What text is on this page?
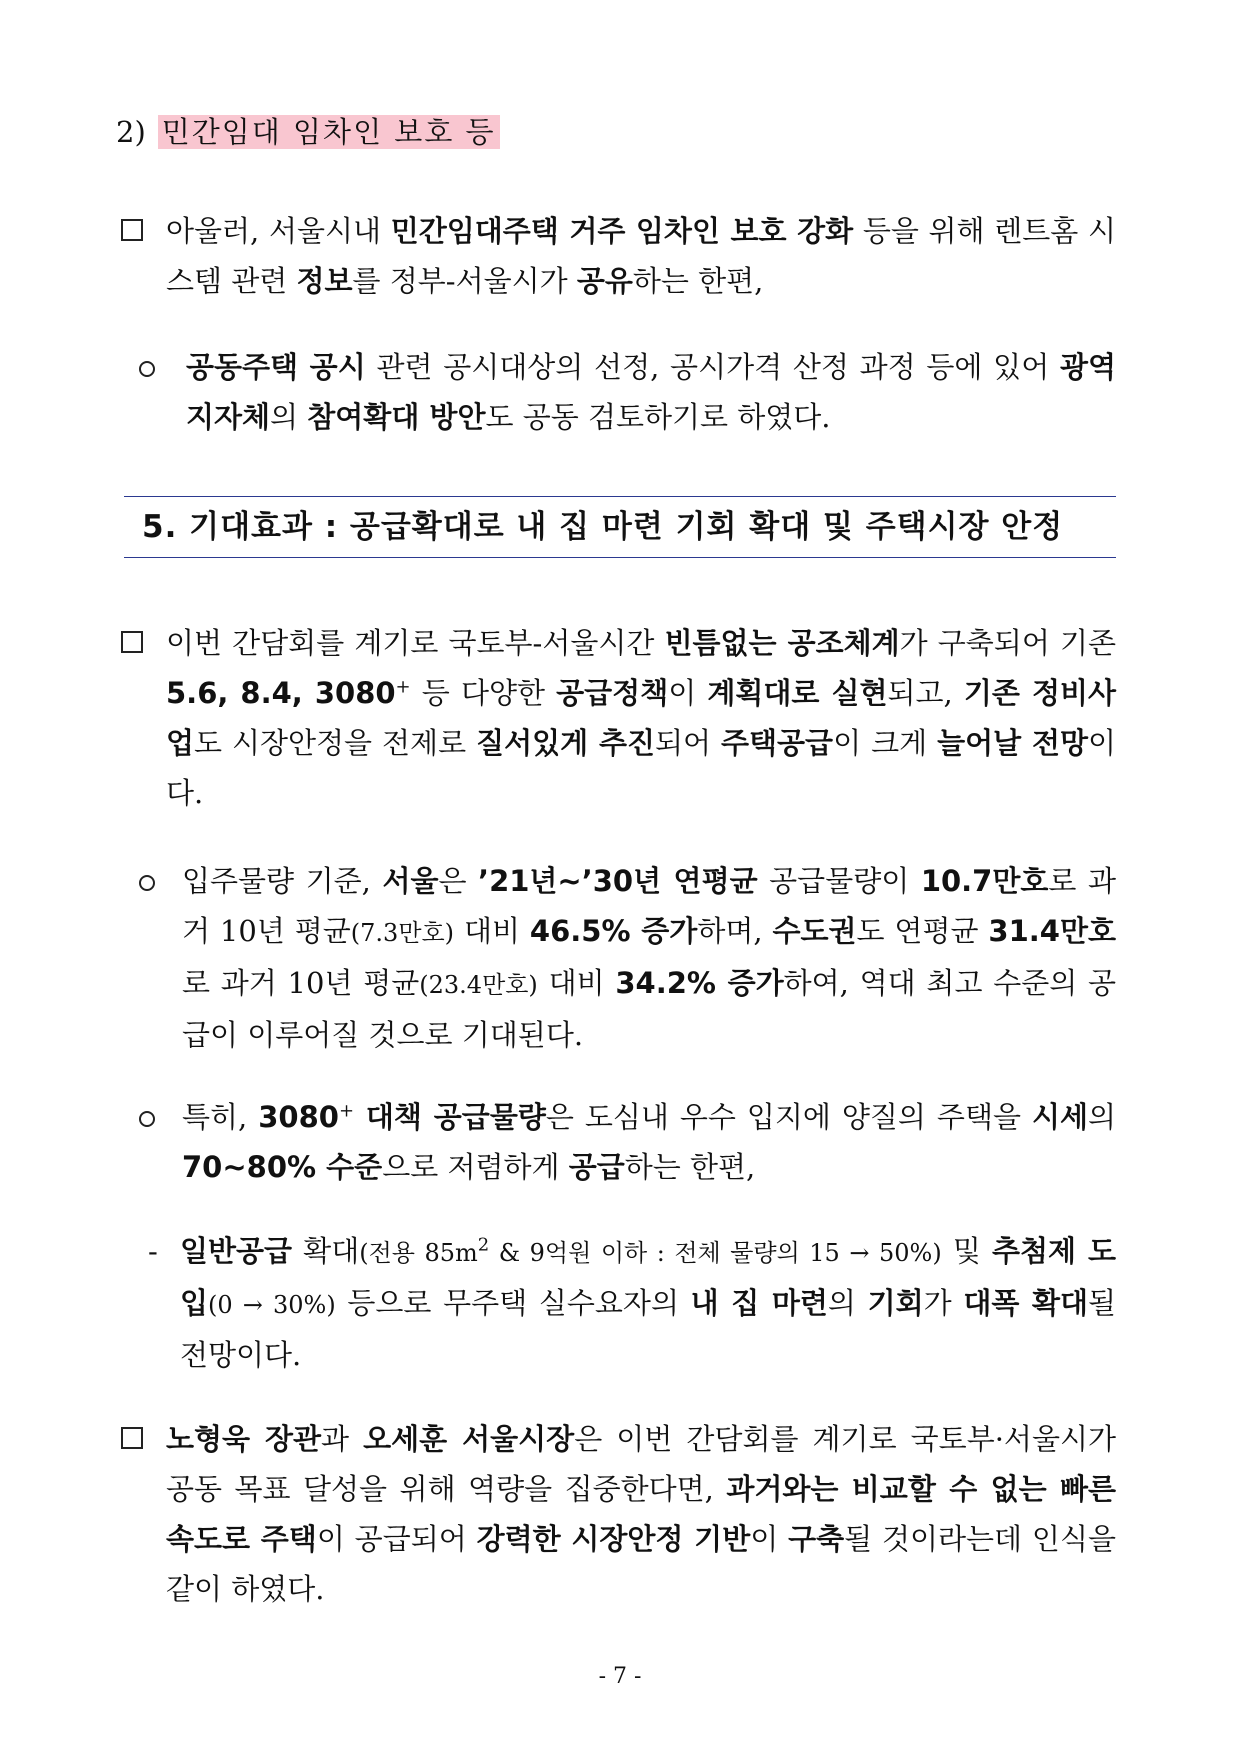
2) 민간임대 임차인 보호 등
아울러, 서울시내 민간임대주택 거주 임차인 보호 강화 등을 위해 렌트홈 시스템 관련 정보를 정부-서울시가 공유하는 한편,
공동주택 공시 관련 공시대상의 선정, 공시가격 산정 과정 등에 있어 광역 지자체의 참여확대 방안도 공동 검토하기로 하였다.
5. 기대효과 : 공급확대로 내 집 마련 기회 확대 및 주택시장 안정
이번 간담회를 계기로 국토부-서울시간 빈틈없는 공조체계가 구축되어 기존 5.6, 8.4, 3080+ 등 다양한 공급정책이 계획대로 실현되고, 기존 정비사업도 시장안정을 전제로 질서있게 추진되어 주택공급이 크게 늘어날 전망이다.
입주물량 기준, 서울은 ’21년~’30년 연평균 공급물량이 10.7만호로 과거 10년 평균(7.3만호) 대비 46.5% 증가하며, 수도권도 연평균 31.4만호로 과거 10년 평균(23.4만호) 대비 34.2% 증가하여, 역대 최고 수준의 공급이 이루어질 것으로 기대된다.
특히, 3080+ 대책 공급물량은 도심내 우수 입지에 양질의 주택을 시세의 70~80% 수준으로 저렴하게 공급하는 한편,
- 일반공급 확대(전용 $85m^2$ & 9억원 이하 : 전체 물량의 15 → 50%) 및 추첨제 도입(0 → 30%) 등으로 무주택 실수요자의 내 집 마련의 기회가 대폭 확대될 전망이다.
노형욱 장관과 오세훈 서울시장은 이번 간담회를 계기로 국토부·서울시가 공동 목표 달성을 위해 역량을 집중한다면, 과거와는 비교할 수 없는 빠른 속도로 주택이 공급되어 강력한 시장안정 기반이 구축될 것이라는데 인식을 같이 하였다.
- 7 -
